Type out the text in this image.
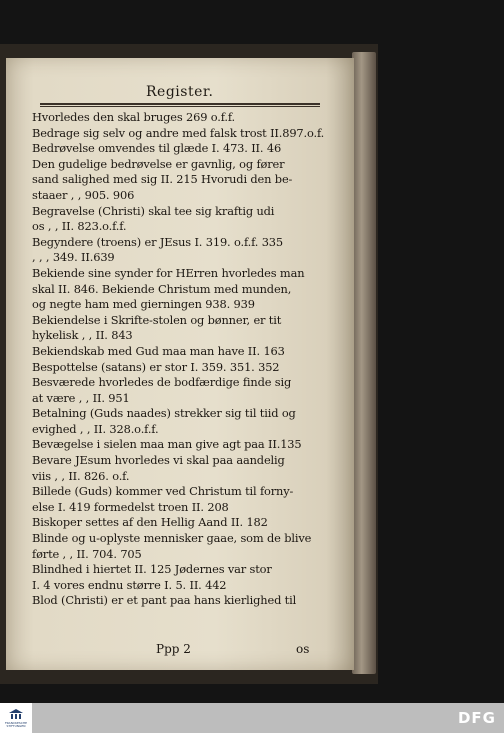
Register.
Hvorledes den skal bruges 269 o.f.f.
Bedrage sig selv og andre med falsk trost II.897.o.f.
Bedrøvelse omvendes til glæde I. 473. II. 46
Den gudelige bedrøvelse er gavnlig, og fører
sand salighed med sig II. 215 Hvorudi den be-
staaer , , 905. 906
Begravelse (Christi) skal tee sig kraftig udi
os , , II. 823.o.f.f.
Begyndere (troens) er JEsus I. 319. o.f.f. 335
, , , 349. II.639
Bekiende sine synder for HErren hvorledes man
skal II. 846. Bekiende Christum med munden,
og negte ham med gierningen 938. 939
Bekiendelse i Skrifte-stolen og bønner, er tit
hykelisk , , II. 843
Bekiendskab med Gud maa man have II. 163
Bespottelse (satans) er stor I. 359. 351. 352
Besværede hvorledes de bodfærdige finde sig
at være , , II. 951
Betalning (Guds naades) strekker sig til tiid og
evighed , , II. 328.o.f.f.
Bevægelse i sielen maa man give agt paa II.135
Bevare JEsum hvorledes vi skal paa aandelig
viis , , II. 826. o.f.
Billede (Guds) kommer ved Christum til forny-
else I. 419 formedelst troen II. 208
Biskoper settes af den Hellig Aand II. 182
Blinde og u-oplyste mennisker gaae, som de blive
førte , , II. 704. 705
Blindhed i hiertet II. 125 Jødernes var stor
I. 4 vores endnu større I. 5. II. 442
Blod (Christi) er et pant paa hans kierlighed til
Ppp 2	os
FRANCKESCHE STIFTUNGEN	DFG
